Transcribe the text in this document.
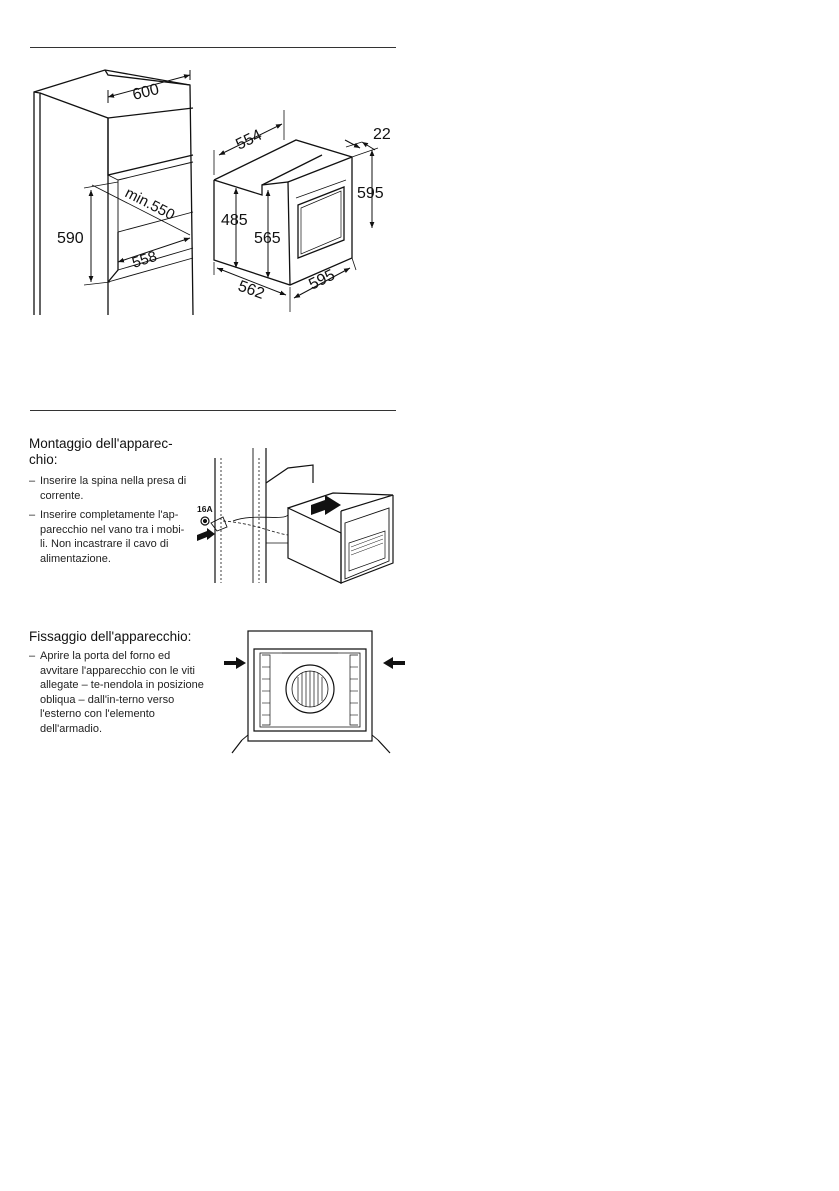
600
min.550
590
558
554	22
595
485
565
562 595
Montaggio dell'apparec-
chio:
– Inserire la spina nella presa di corrente.
– Inserire completamente l'ap-parecchio nel vano tra i mobi-li. Non incastrare il cavo di alimentazione.
16A
Fissaggio dell'apparecchio:
– Aprire la porta del forno ed avvitare l'apparecchio con le viti allegate – te-nendola in posizione obliqua – dall'in-terno verso l'esterno con l'elemento dell'armadio.
